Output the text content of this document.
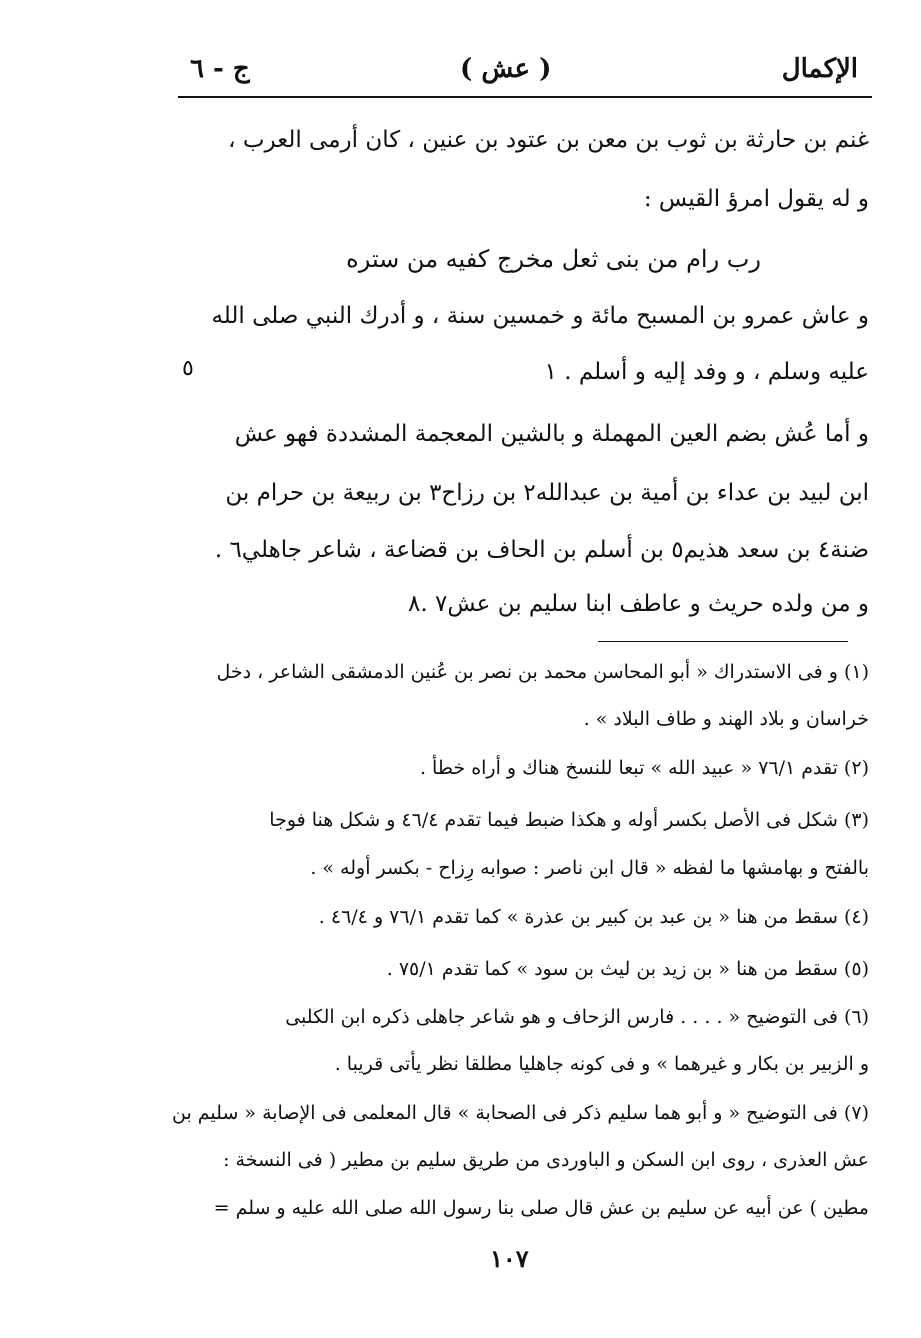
الإكمال
( عش )
ج - ٦
غنم بن حارثة بن ثوب بن معن بن عتود بن عنين ، كان أرمى العرب ،
و له يقول امرؤ القيس :
رب رام من بنى ثعل مخرج كفيه من ستره
و عاش عمرو بن المسبح مائة و خمسين سنة ، و أدرك النبي صلى الله
عليه وسلم ، و وفد إليه و أسلم . ١
٥
و أما عُش بضم العين المهملة و بالشين المعجمة المشددة فهو عش
ابن لبيد بن عداء بن أمية بن عبدالله٢ بن رزاح٣ بن ربيعة بن حرام بن
ضنة٤ بن سعد هذيم٥ بن أسلم بن الحاف بن قضاعة ، شاعر جاهلي٦ .
و من ولده حريث و عاطف ابنا سليم بن عش٧ .٨
(١) و فى الاستدراك « أبو المحاسن محمد بن نصر بن عُنين الدمشقى الشاعر ، دخل
خراسان و بلاد الهند و طاف البلاد » .
(٢) تقدم ٧٦/١ « عبيد الله » تبعا للنسخ هناك و أراه خطأ .
(٣) شكل فى الأصل بكسر أوله و هكذا ضبط فيما تقدم ٤٦/٤ و شكل هنا فوجا
بالفتح و بهامشها ما لفظه « قال ابن ناصر : صوابه رِزاح - بكسر أوله » .
(٤) سقط من هنا « بن عبد بن كبير بن عذرة » كما تقدم ٧٦/١ و ٤٦/٤ .
(٥) سقط من هنا « بن زيد بن ليث بن سود » كما تقدم ٧٥/١ .
(٦) فى التوضيح « . . . . فارس الزحاف و هو شاعر جاهلى ذكره ابن الكلبى
و الزبير بن بكار و غيرهما » و فى كونه جاهليا مطلقا نظر يأتى قريبا .
(٧) فى التوضيح « و أبو هما سليم ذكر فى الصحابة » قال المعلمى فى الإصابة « سليم بن
عش العذرى ، روى ابن السكن و الباوردى من طريق سليم بن مطير ( فى النسخة :
مطين ) عن أبيه عن سليم بن عش قال صلى بنا رسول الله صلى الله عليه و سلم =
١٠٧
